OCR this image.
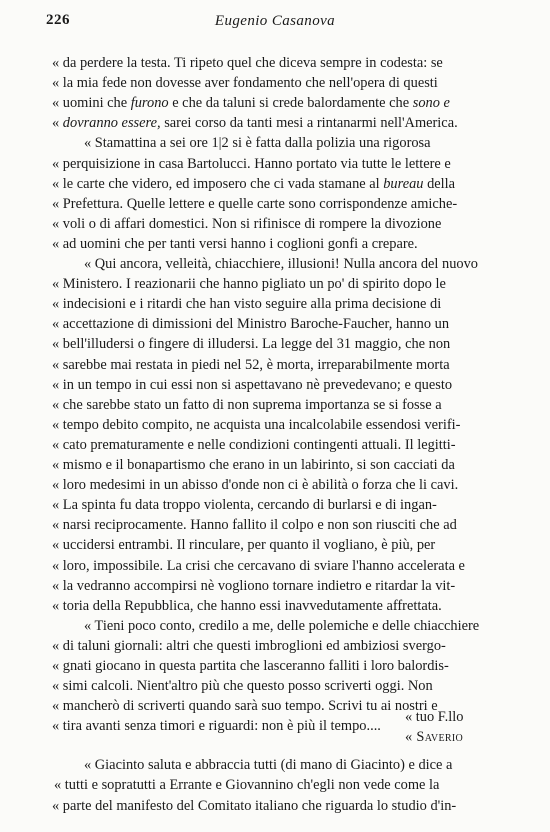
226	Eugenio Casanova
« da perdere la testa. Ti ripeto quel che diceva sempre in codesta: se
« la mia fede non dovesse aver fondamento che nell'opera di questi
« uomini che furono e che da taluni si crede balordamente che sono e
« dovranno essere, sarei corso da tanti mesi a rintanarmi nell'America.
« Stamattina a sei ore 1|2 si è fatta dalla polizia una rigorosa
« perquisizione in casa Bartolucci. Hanno portato via tutte le lettere e
« le carte che videro, ed imposero che ci vada stamane al bureau della
« Prefettura. Quelle lettere e quelle carte sono corrispondenze amiche-
« voli o di affari domestici. Non si rifinisce di rompere la divozione
« ad uomini che per tanti versi hanno i coglioni gonfi a crepare.
« Qui ancora, velleità, chiacchiere, illusioni! Nulla ancora del nuovo
« Ministero. I reazionarii che hanno pigliato un po' di spirito dopo le
« indecisioni e i ritardi che han visto seguire alla prima decisione di
« accettazione di dimissioni del Ministro Baroche-Faucher, hanno un
« bell'illudersi o fingere di illudersi. La legge del 31 maggio, che non
« sarebbe mai restata in piedi nel 52, è morta, irreparabilmente morta
« in un tempo in cui essi non si aspettavano nè prevedevano; e questo
« che sarebbe stato un fatto di non suprema importanza se si fosse a
« tempo debito compito, ne acquista una incalcolabile essendosi verifi-
« cato prematuramente e nelle condizioni contingenti attuali. Il legitti-
« mismo e il bonapartismo che erano in un labirinto, si son cacciati da
« loro medesimi in un abisso d'onde non ci è abilità o forza che li cavi.
« La spinta fu data troppo violenta, cercando di burlarsi e di ingan-
« narsi reciprocamente. Hanno fallito il colpo e non son riusciti che ad
« uccidersi entrambi. Il rinculare, per quanto il vogliano, è più, per
« loro, impossibile. La crisi che cercavano di sviare l'hanno accelerata e
« la vedranno accompirsi nè vogliono tornare indietro e ritardar la vit-
« toria della Repubblica, che hanno essi inavvedutamente affrettata.
« Tieni poco conto, credilo a me, delle polemiche e delle chiacchiere
« di taluni giornali: altri che questi imbroglioni ed ambiziosi svergo-
« gnati giocano in questa partita che lasceranno falliti i loro balordis-
« simi calcoli. Nient'altro più che questo posso scriverti oggi. Non
« mancherò di scriverti quando sarà suo tempo. Scrivi tu ai nostri e
« tira avanti senza timori e riguardi: non è più il tempo....
« Giacinto saluta e abbraccia tutti (di mano di Giacinto) e dice a
« tutti e sopratutti a Errante e Giovannino ch'egli non vede come la
« parte del manifesto del Comitato italiano che riguarda lo studio d'in-
« tuo F.llo
« Saverio
